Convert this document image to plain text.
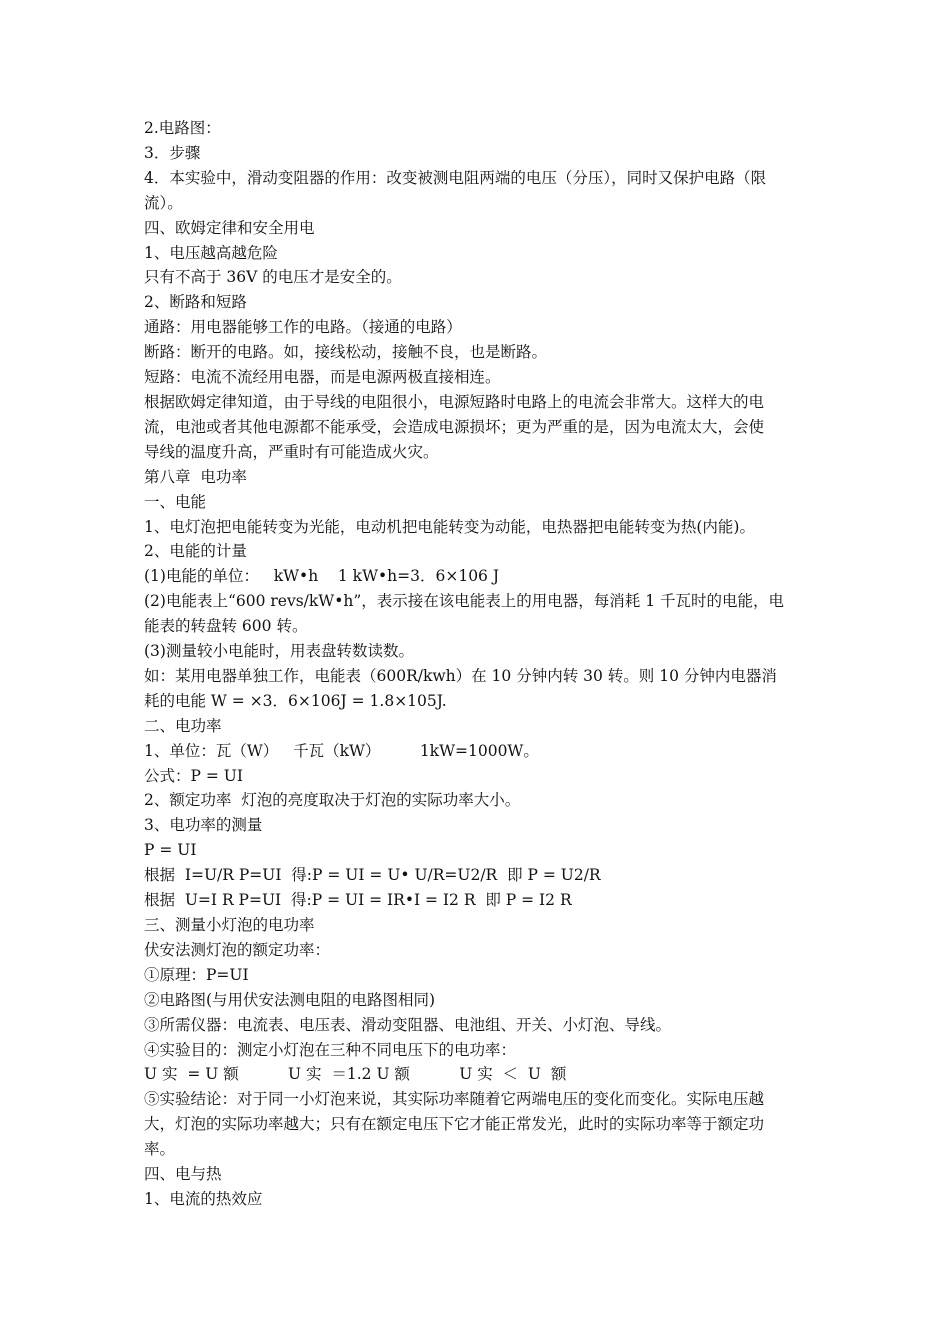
2.电路图：

3．步骤

4．本实验中，滑动变阻器的作用：改变被测电阻两端的电压（分压），同时又保护电路（限

流）。

四、欧姆定律和安全用电

1、电压越高越危险

只有不高于 36V 的电压才是安全的。

2、断路和短路

通路：用电器能够工作的电路。（接通的电路）

断路：断开的电路。如，接线松动，接触不良，也是断路。

短路：电流不流经用电器，而是电源两极直接相连。

根据欧姆定律知道，由于导线的电阻很小，电源短路时电路上的电流会非常大。这样大的电

流，电池或者其他电源都不能承受，会造成电源损坏；更为严重的是，因为电流太大，会使

导线的温度升高，严重时有可能造成火灾。

第八章  电功率

一、电能

1、电灯泡把电能转变为光能，电动机把电能转变为动能，电热器把电能转变为热(内能)。

2、电能的计量

(1)电能的单位：   kW•h    1 kW•h=3．6×106 J

(2)电能表上“600 revs/kW•h”，表示接在该电能表上的用电器，每消耗 1 千瓦时的电能，电

能表的转盘转 600 转。

(3)测量较小电能时，用表盘转数读数。

如：某用电器单独工作，电能表（600R/kwh）在 10 分钟内转 30 转。则 10 分钟内电器消

耗的电能 W = ×3．6×106J = 1.8×105J.

二、电功率

1、单位：瓦（W）   千瓦（kW）        1kW=1000W。

公式：P = UI

2、额定功率  灯泡的亮度取决于灯泡的实际功率大小。

3、电功率的测量

P = UI

根据  I=U/R P=UI  得:P = UI = U• U/R=U2/R  即 P = U2/R

根据  U=I R P=UI  得:P = UI = IR•I = I2 R  即 P = I2 R

三、测量小灯泡的电功率

伏安法测灯泡的额定功率：

①原理：P=UI

②电路图(与用伏安法测电阻的电路图相同)

③所需仪器：电流表、电压表、滑动变阻器、电池组、开关、小灯泡、导线。

④实验目的：测定小灯泡在三种不同电压下的电功率：

U 实  = U 额          U 实  ＝1.2 U 额          U 实  ＜  U  额

⑤实验结论：对于同一小灯泡来说，其实际功率随着它两端电压的变化而变化。实际电压越

大，灯泡的实际功率越大；只有在额定电压下它才能正常发光，此时的实际功率等于额定功

率。

四、电与热

1、电流的热效应
